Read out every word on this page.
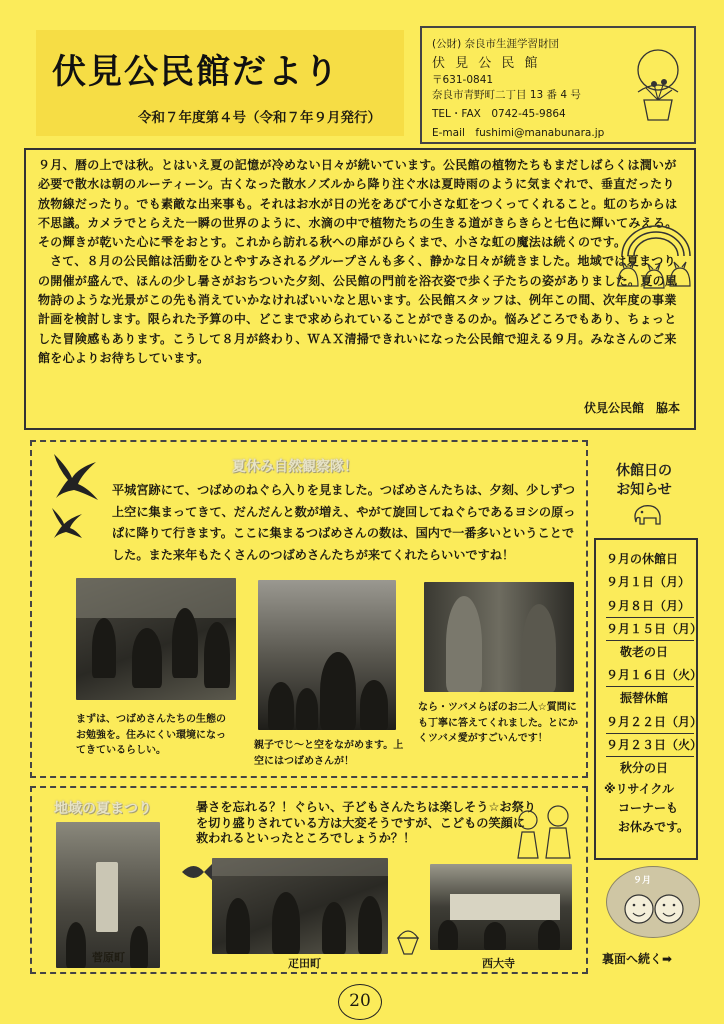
伏見公民館だより
令和７年度第４号（令和７年９月発行）
(公財) 奈良市生涯学習財団
伏 見 公 民 館
〒631-0841
奈良市青野町二丁目 13 番 4 号
TEL・FAX　0742-45-9864
E-mail　fushimi@manabunara.jp

９月、暦の上では秋。とはいえ夏の記憶が冷めない日々が続いています。公民館の植物たちもまだしばらくは潤いが必要で散水は朝のルーティーン。古くなった散水ノズルから降り注ぐ水は夏時雨のように気まぐれで、垂直だったり放物線だったり。でも素敵な出来事も。それはお水が日の光をあびて小さな虹をつくってくれること。虹のちからは不思議。カメラでとらえた一瞬の世界のように、水滴の中で植物たちの生きる道がきらきらと七色に輝いてみえる。その輝きが乾いた心に雫をおとす。これから訪れる秋への扉がひらくまで、小さな虹の魔法は続くのです。

さて、８月の公民館は活動をひとやすみされるグループさんも多く、静かな日々が続きました。地域では夏まつりの開催が盛んで、ほんの少し暑さがおちついた夕刻、公民館の門前を浴衣姿で歩く子たちの姿がありました。夏の風物詩のような光景がこの先も消えていかなければいいなと思います。公民館スタッフは、例年この間、次年度の事業計画を検討します。限られた予算の中、どこまで求められていることができるのか。悩みどころでもあり、ちょっとした冒険感もあります。こうして８月が終わり、ＷＡＸ清掃できれいになった公民館で迎える９月。みなさんのご来館を心よりお待ちしています。

伏見公民館　脇本
夏休み自然観察隊！
平城宮跡にて、つばめのねぐら入りを見ました。つばめさんたちは、夕刻、少しずつ上空に集まってきて、だんだんと数が増え、やがて旋回してねぐらであるヨシの原っぱに降りて行きます。ここに集まるつばめさんの数は、国内で一番多いということでした。また来年もたくさんのつばめさんたちが来てくれたらいいですね！
まずは、つばめさんたちの生態のお勉強を。住みにくい環境になってきているらしい。	親子でじ～と空をながめます。上空にはつばめさんが！
なら・ツバメらぼのお二人☆質問にも丁寧に答えてくれました。とにかくツバメ愛がすごいんです！
休館日の
お知らせ
９月の休館日
９月１日（月）
９月８日（月）
９月１５日（月）
敬老の日
９月１６日（火）
振替休館
９月２２日（月）
９月２３日（火）
秋分の日
※リサイクル
コーナーも
お休みです。
地域の夏まつり	暑さを忘れる？！ぐらい、子どもさんたちは楽しそう☆お祭りを切り盛りされている方は大変そうですが、こどもの笑顔に救われるといったところでしょうか？！
菅原町	疋田町	西大寺
９月
裏面へ続く➡
20
